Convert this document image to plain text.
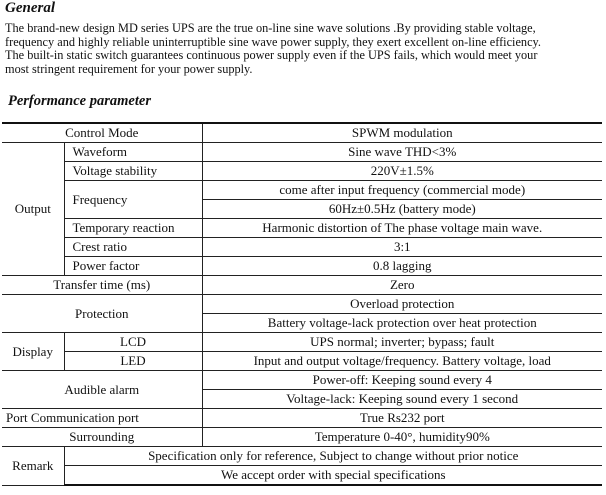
General
The brand-new design MD series UPS are the true on-line sine wave solutions .By providing stable voltage,
frequency and highly reliable uninterruptible sine wave power supply, they exert excellent on-line efficiency.
The built-in static switch guarantees continuous power supply even if the UPS fails, which would meet your
most stringent requirement for your power supply.
Performance parameter
Control Mode		SPWM modulation
Output	Waveform	Sine wave THD<3%
	Voltage stability	220V±1.5%
	Frequency	come after input frequency (commercial mode)
		60Hz±0.5Hz (battery mode)
	Temporary reaction	Harmonic distortion of The phase voltage main wave.
	Crest ratio	3:1
	Power factor	0.8 lagging
Transfer time (ms)		Zero
Protection		Overload protection
		Battery voltage-lack protection over heat protection
Display	LCD	UPS normal; inverter; bypass; fault
	LED	Input and output voltage/frequency. Battery voltage, load
Audible alarm		Power-off: Keeping sound every 4
		Voltage-lack: Keeping sound every 1 second
Port Communication port		True Rs232 port
Surrounding		Temperature 0-40°, humidity90%
Remark	Specification only for reference, Subject to change without prior notice	
	We accept order with special specifications	
